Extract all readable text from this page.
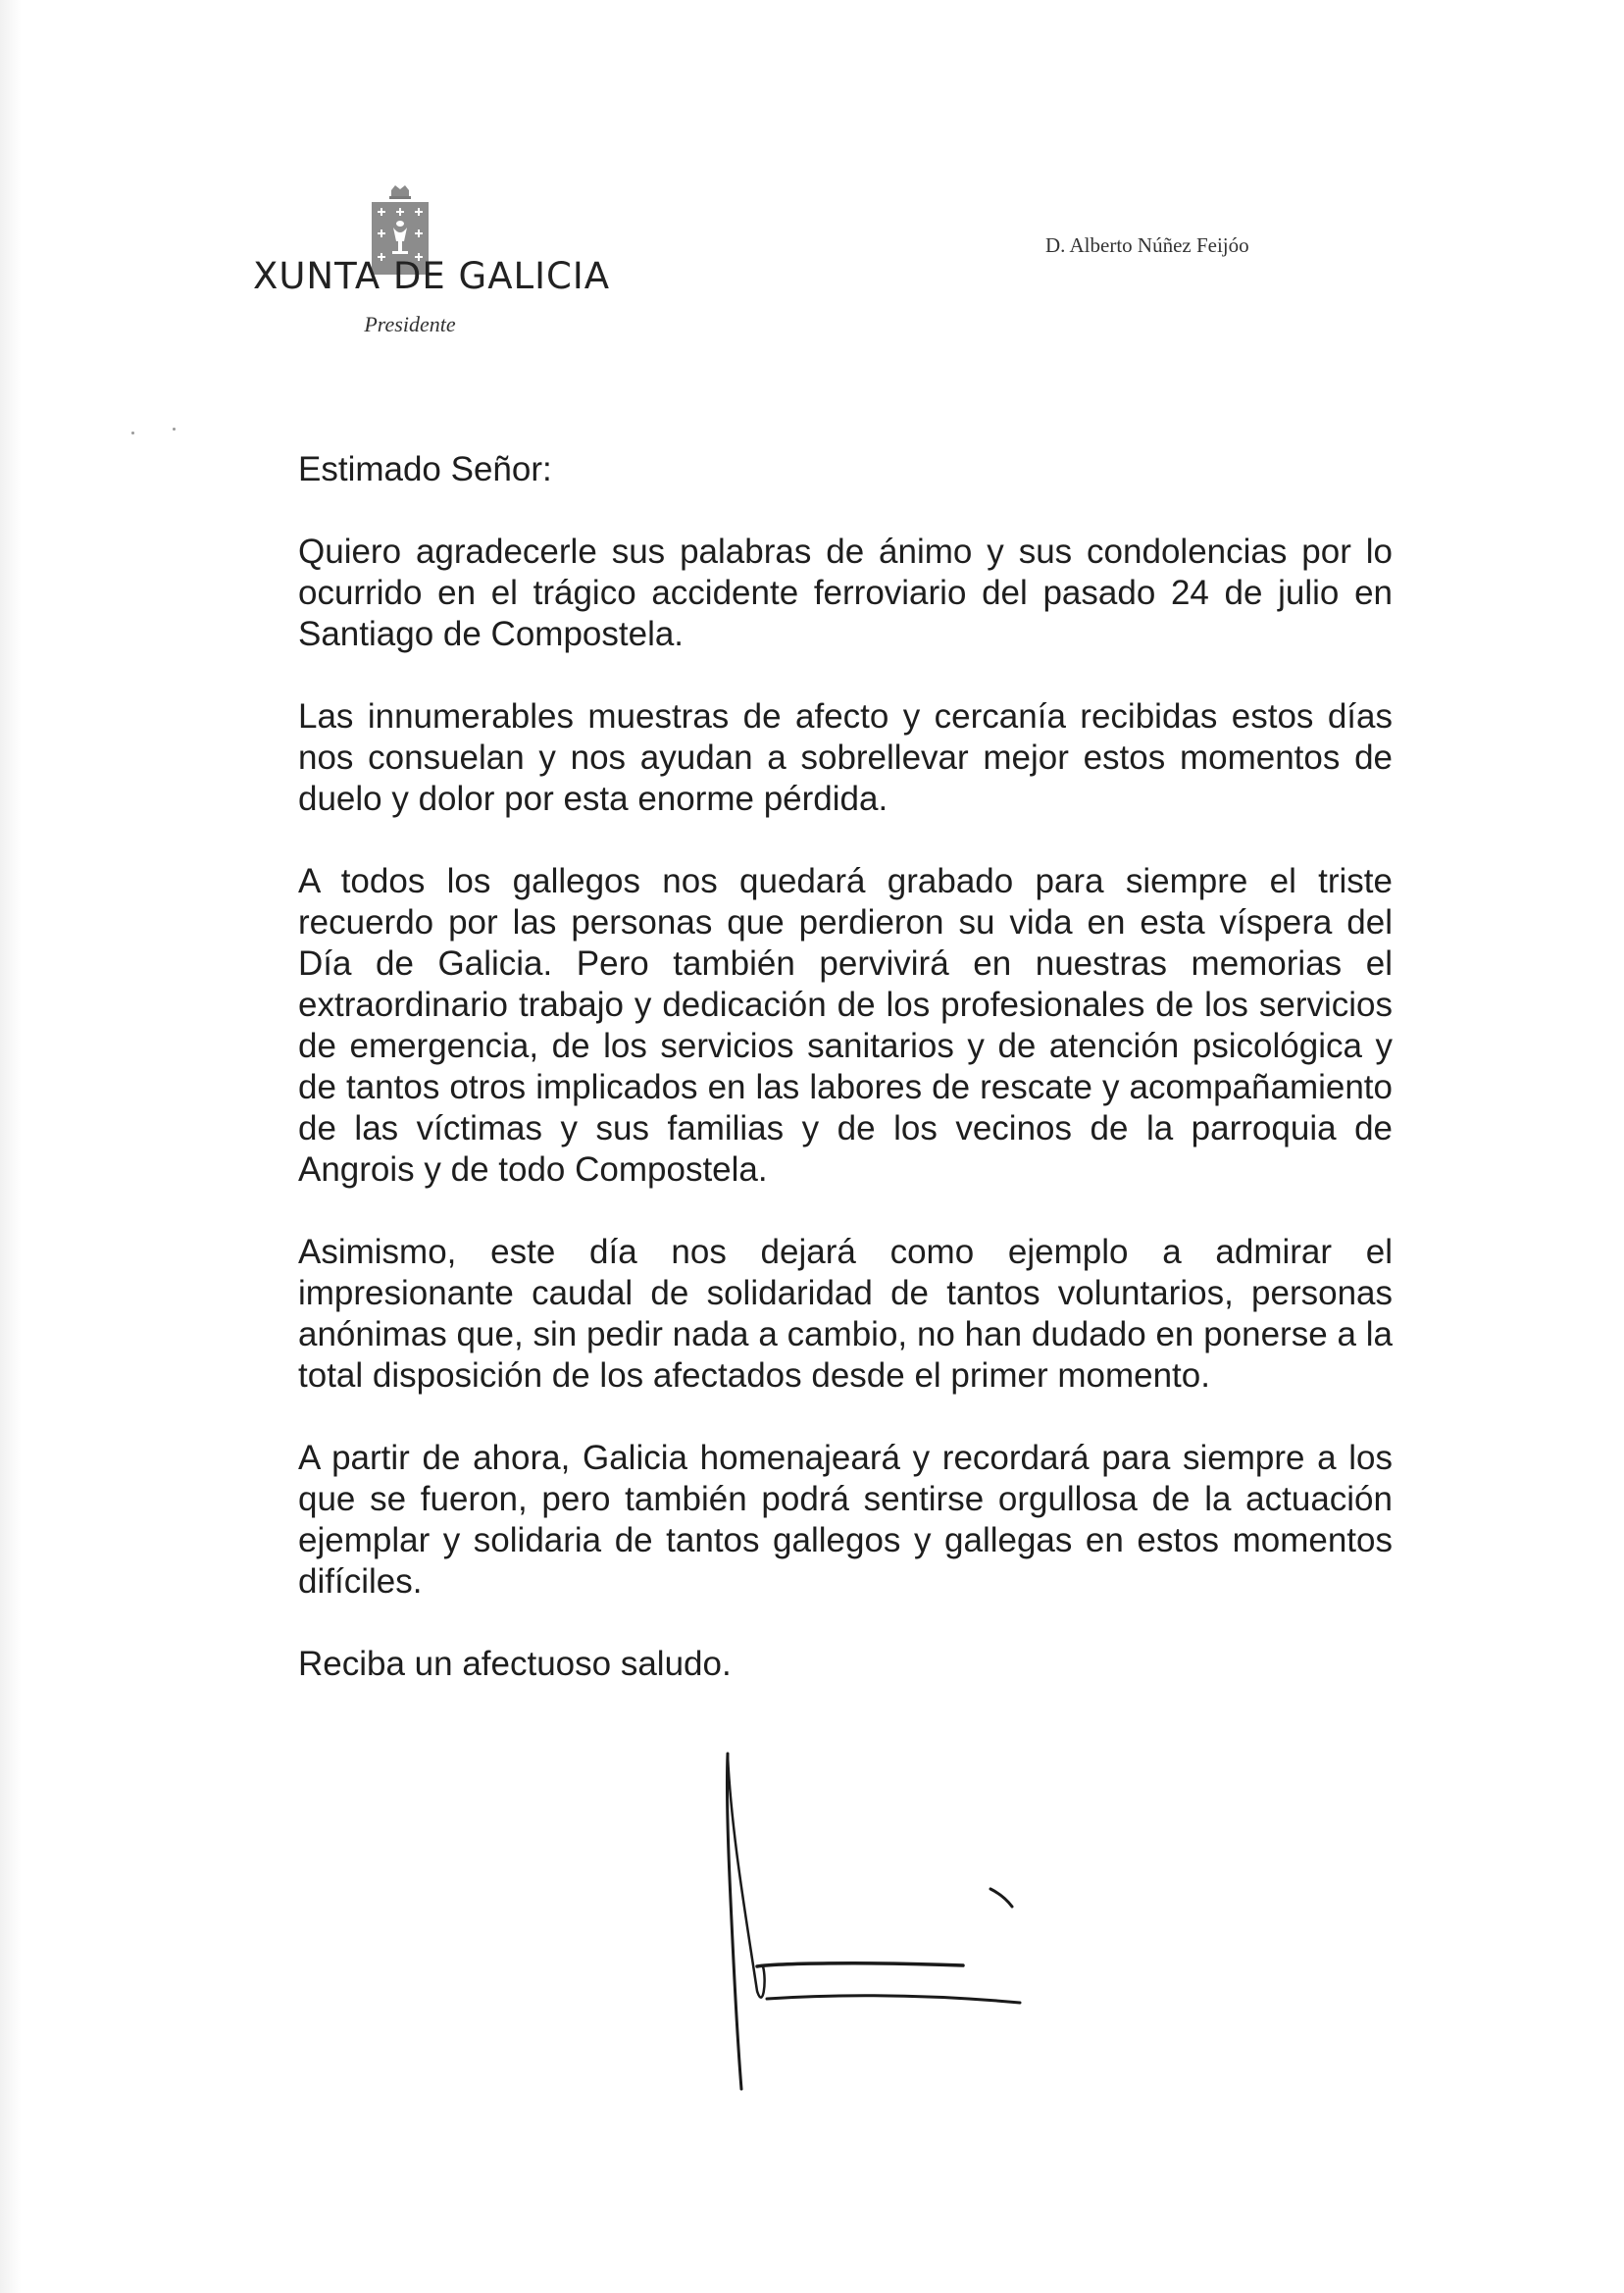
XUNTA DE GALICIA
Presidente
D. Alberto Núñez Feijóo

Estimado Señor:

Quiero agradecerle sus palabras de ánimo y sus condolencias por lo ocurrido en el trágico accidente ferroviario del pasado 24 de julio en Santiago de Compostela.

Las innumerables muestras de afecto y cercanía recibidas estos días nos consuelan y nos ayudan a sobrellevar mejor estos momentos de duelo y dolor por esta enorme pérdida.

A todos los gallegos nos quedará grabado para siempre el triste recuerdo por las personas que perdieron su vida en esta víspera del Día de Galicia. Pero también pervivirá en nuestras memorias el extraordinario trabajo y dedicación de los profesionales de los servicios de emergencia, de los servicios sanitarios y de atención psicológica y de tantos otros implicados en las labores de rescate y acompañamiento de las víctimas y sus familias y de los vecinos de la parroquia de Angrois y de todo Compostela.

Asimismo, este día nos dejará como ejemplo a admirar el impresionante caudal de solidaridad de tantos voluntarios, personas anónimas que, sin pedir nada a cambio, no han dudado en ponerse a la total disposición de los afectados desde el primer momento.

A partir de ahora, Galicia homenajeará y recordará para siempre a los que se fueron, pero también podrá sentirse orgullosa de la actuación ejemplar y solidaria de tantos gallegos y gallegas en estos momentos difíciles.

Reciba un afectuoso saludo.
